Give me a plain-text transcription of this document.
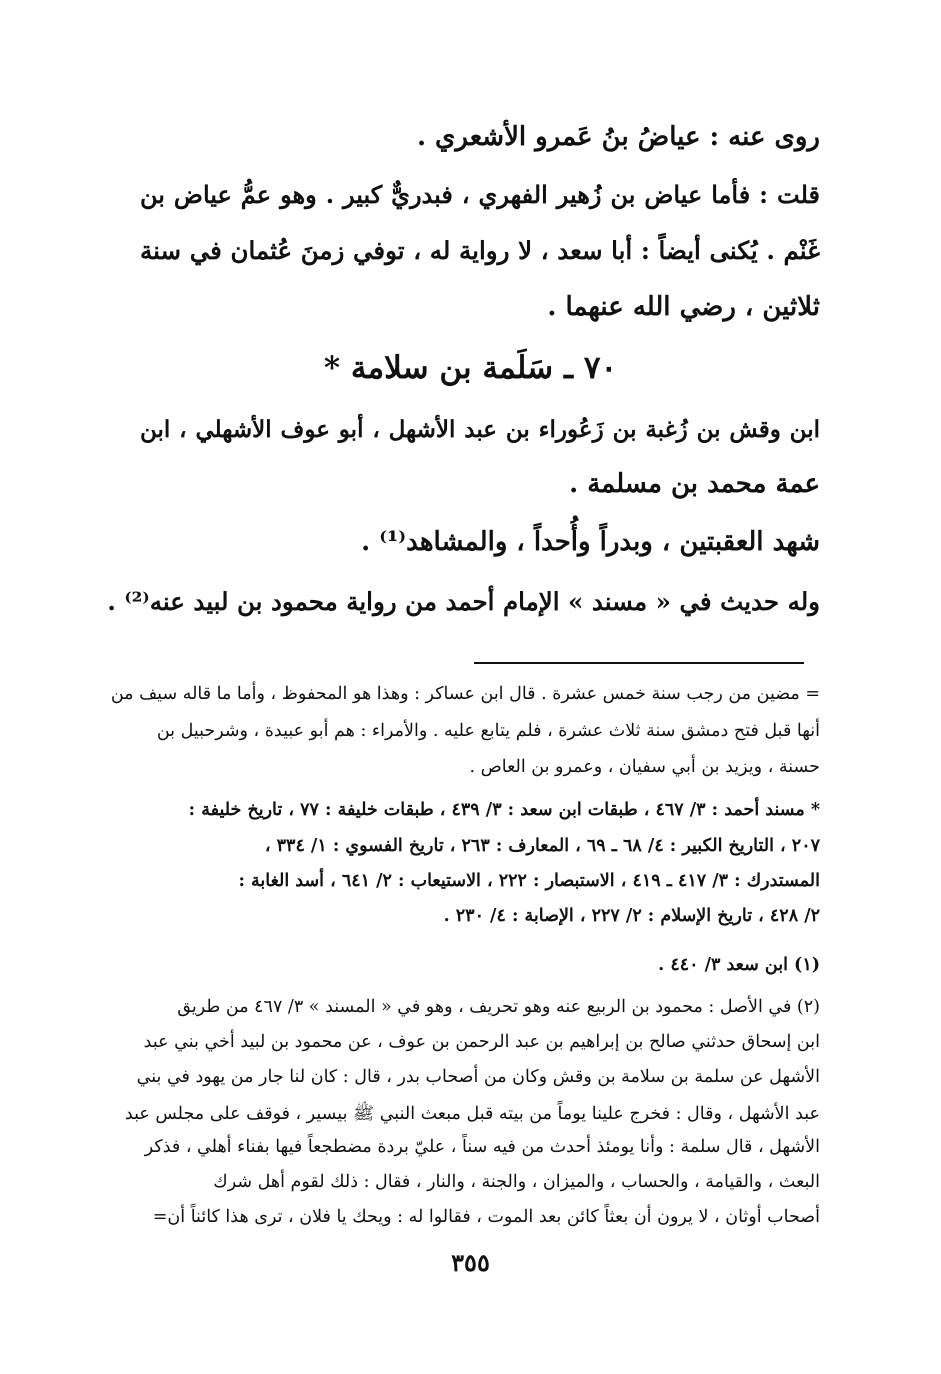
روى عنه : عياضُ بنُ عَمرو الأشعري .
قلت : فأما عياض بن زُهير الفهري ، فبدريٌّ كبير . وهو عمُّ عياض بن
غَنْم . يُكنى أيضاً : أبا سعد ، لا رواية له ، توفي زمنَ عُثمان في سنة
ثلاثين ، رضي الله عنهما .
٧٠ ـ سَلَمة بن سلامة *
ابن وقش بن زُغبة بن زَعُوراء بن عبد الأشهل ، أبو عوف الأشهلي ، ابن
عمة محمد بن مسلمة .
شهد العقبتين ، وبدراً وأُحداً ، والمشاهد⁽¹⁾ .
وله حديث في « مسند » الإمام أحمد من رواية محمود بن لبيد عنه⁽²⁾ .
= مضين من رجب سنة خمس عشرة . قال ابن عساكر : وهذا هو المحفوظ ، وأما ما قاله سيف من
أنها قبل فتح دمشق سنة ثلاث عشرة ، فلم يتابع عليه . والأمراء : هم أبو عبيدة ، وشرحبيل بن
حسنة ، ويزيد بن أبي سفيان ، وعمرو بن العاص .
* مسند أحمد : ٣/ ٤٦٧ ، طبقات ابن سعد : ٣/ ٤٣٩ ، طبقات خليفة : ٧٧ ، تاريخ خليفة :
٢٠٧ ، التاريخ الكبير : ٤/ ٦٨ ـ ٦٩ ، المعارف : ٢٦٣ ، تاريخ الفسوي : ١/ ٣٣٤ ،
المستدرك : ٣/ ٤١٧ ـ ٤١٩ ، الاستبصار : ٢٢٢ ، الاستيعاب : ٢/ ٦٤١ ، أسد الغابة :
٢/ ٤٢٨ ، تاريخ الإسلام : ٢/ ٢٢٧ ، الإصابة : ٤/ ٢٣٠ .
(١) ابن سعد ٣/ ٤٤٠ .
(٢) في الأصل : محمود بن الربيع عنه وهو تحريف ، وهو في « المسند » ٣/ ٤٦٧ من طريق
ابن إسحاق حدثني صالح بن إبراهيم بن عبد الرحمن بن عوف ، عن محمود بن لبيد أخي بني عبد
الأشهل عن سلمة بن سلامة بن وقش وكان من أصحاب بدر ، قال : كان لنا جار من يهود في بني
عبد الأشهل ، وقال : فخرج علينا يوماً من بيته قبل مبعث النبي ﷺ بيسير ، فوقف على مجلس عبد
الأشهل ، قال سلمة : وأنا يومئذ أحدث من فيه سناً ، عليّ بردة مضطجعاً فيها بفناء أهلي ، فذكر
البعث ، والقيامة ، والحساب ، والميزان ، والجنة ، والنار ، فقال : ذلك لقوم أهل شرك
أصحاب أوثان ، لا يرون أن بعثاً كائن بعد الموت ، فقالوا له : ويحك يا فلان ، ترى هذا كائناً أن=
٣٥٥
